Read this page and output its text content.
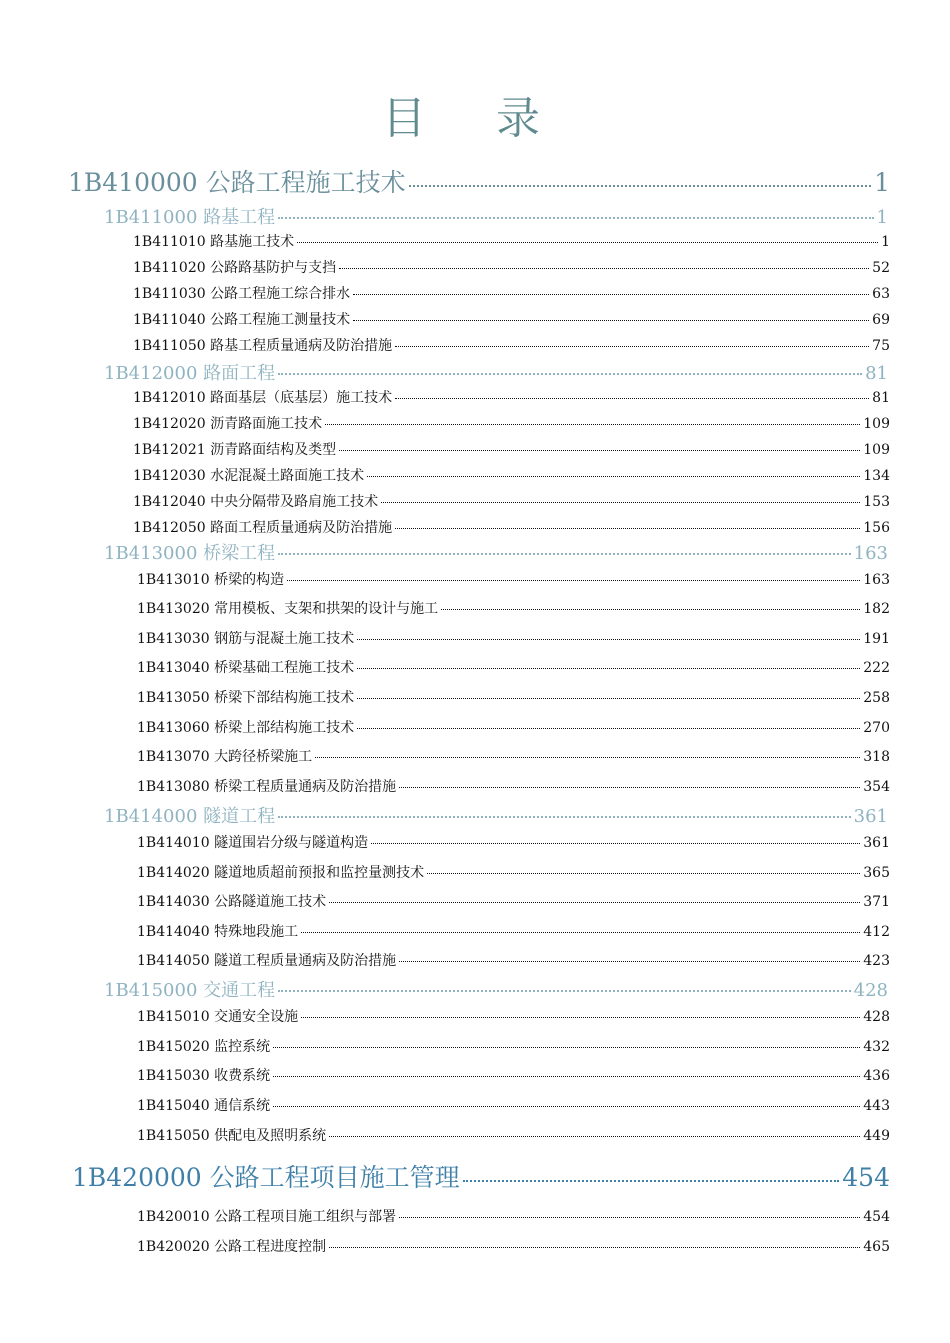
目 录
1B410000 公路工程施工技术	1
1B411000 路基工程	1
1B411010 路基施工技术	1
1B411020 公路路基防护与支挡	52
1B411030 公路工程施工综合排水	63
1B411040 公路工程施工测量技术	69
1B411050 路基工程质量通病及防治措施	75
1B412000 路面工程	81
1B412010 路面基层（底基层）施工技术	81
1B412020 沥青路面施工技术	109
1B412021 沥青路面结构及类型	109
1B412030 水泥混凝土路面施工技术	134
1B412040 中央分隔带及路肩施工技术	153
1B412050 路面工程质量通病及防治措施	156
1B413000 桥梁工程	163
1B413010 桥梁的构造	163
1B413020 常用模板、支架和拱架的设计与施工	182
1B413030 钢筋与混凝土施工技术	191
1B413040 桥梁基础工程施工技术	222
1B413050 桥梁下部结构施工技术	258
1B413060 桥梁上部结构施工技术	270
1B413070 大跨径桥梁施工	318
1B413080 桥梁工程质量通病及防治措施	354
1B414000 隧道工程	361
1B414010 隧道围岩分级与隧道构造	361
1B414020 隧道地质超前预报和监控量测技术	365
1B414030 公路隧道施工技术	371
1B414040 特殊地段施工	412
1B414050 隧道工程质量通病及防治措施	423
1B415000 交通工程	428
1B415010 交通安全设施	428
1B415020 监控系统	432
1B415030 收费系统	436
1B415040 通信系统	443
1B415050 供配电及照明系统	449
1B420000 公路工程项目施工管理	454
1B420010 公路工程项目施工组织与部署	454
1B420020 公路工程进度控制	465
